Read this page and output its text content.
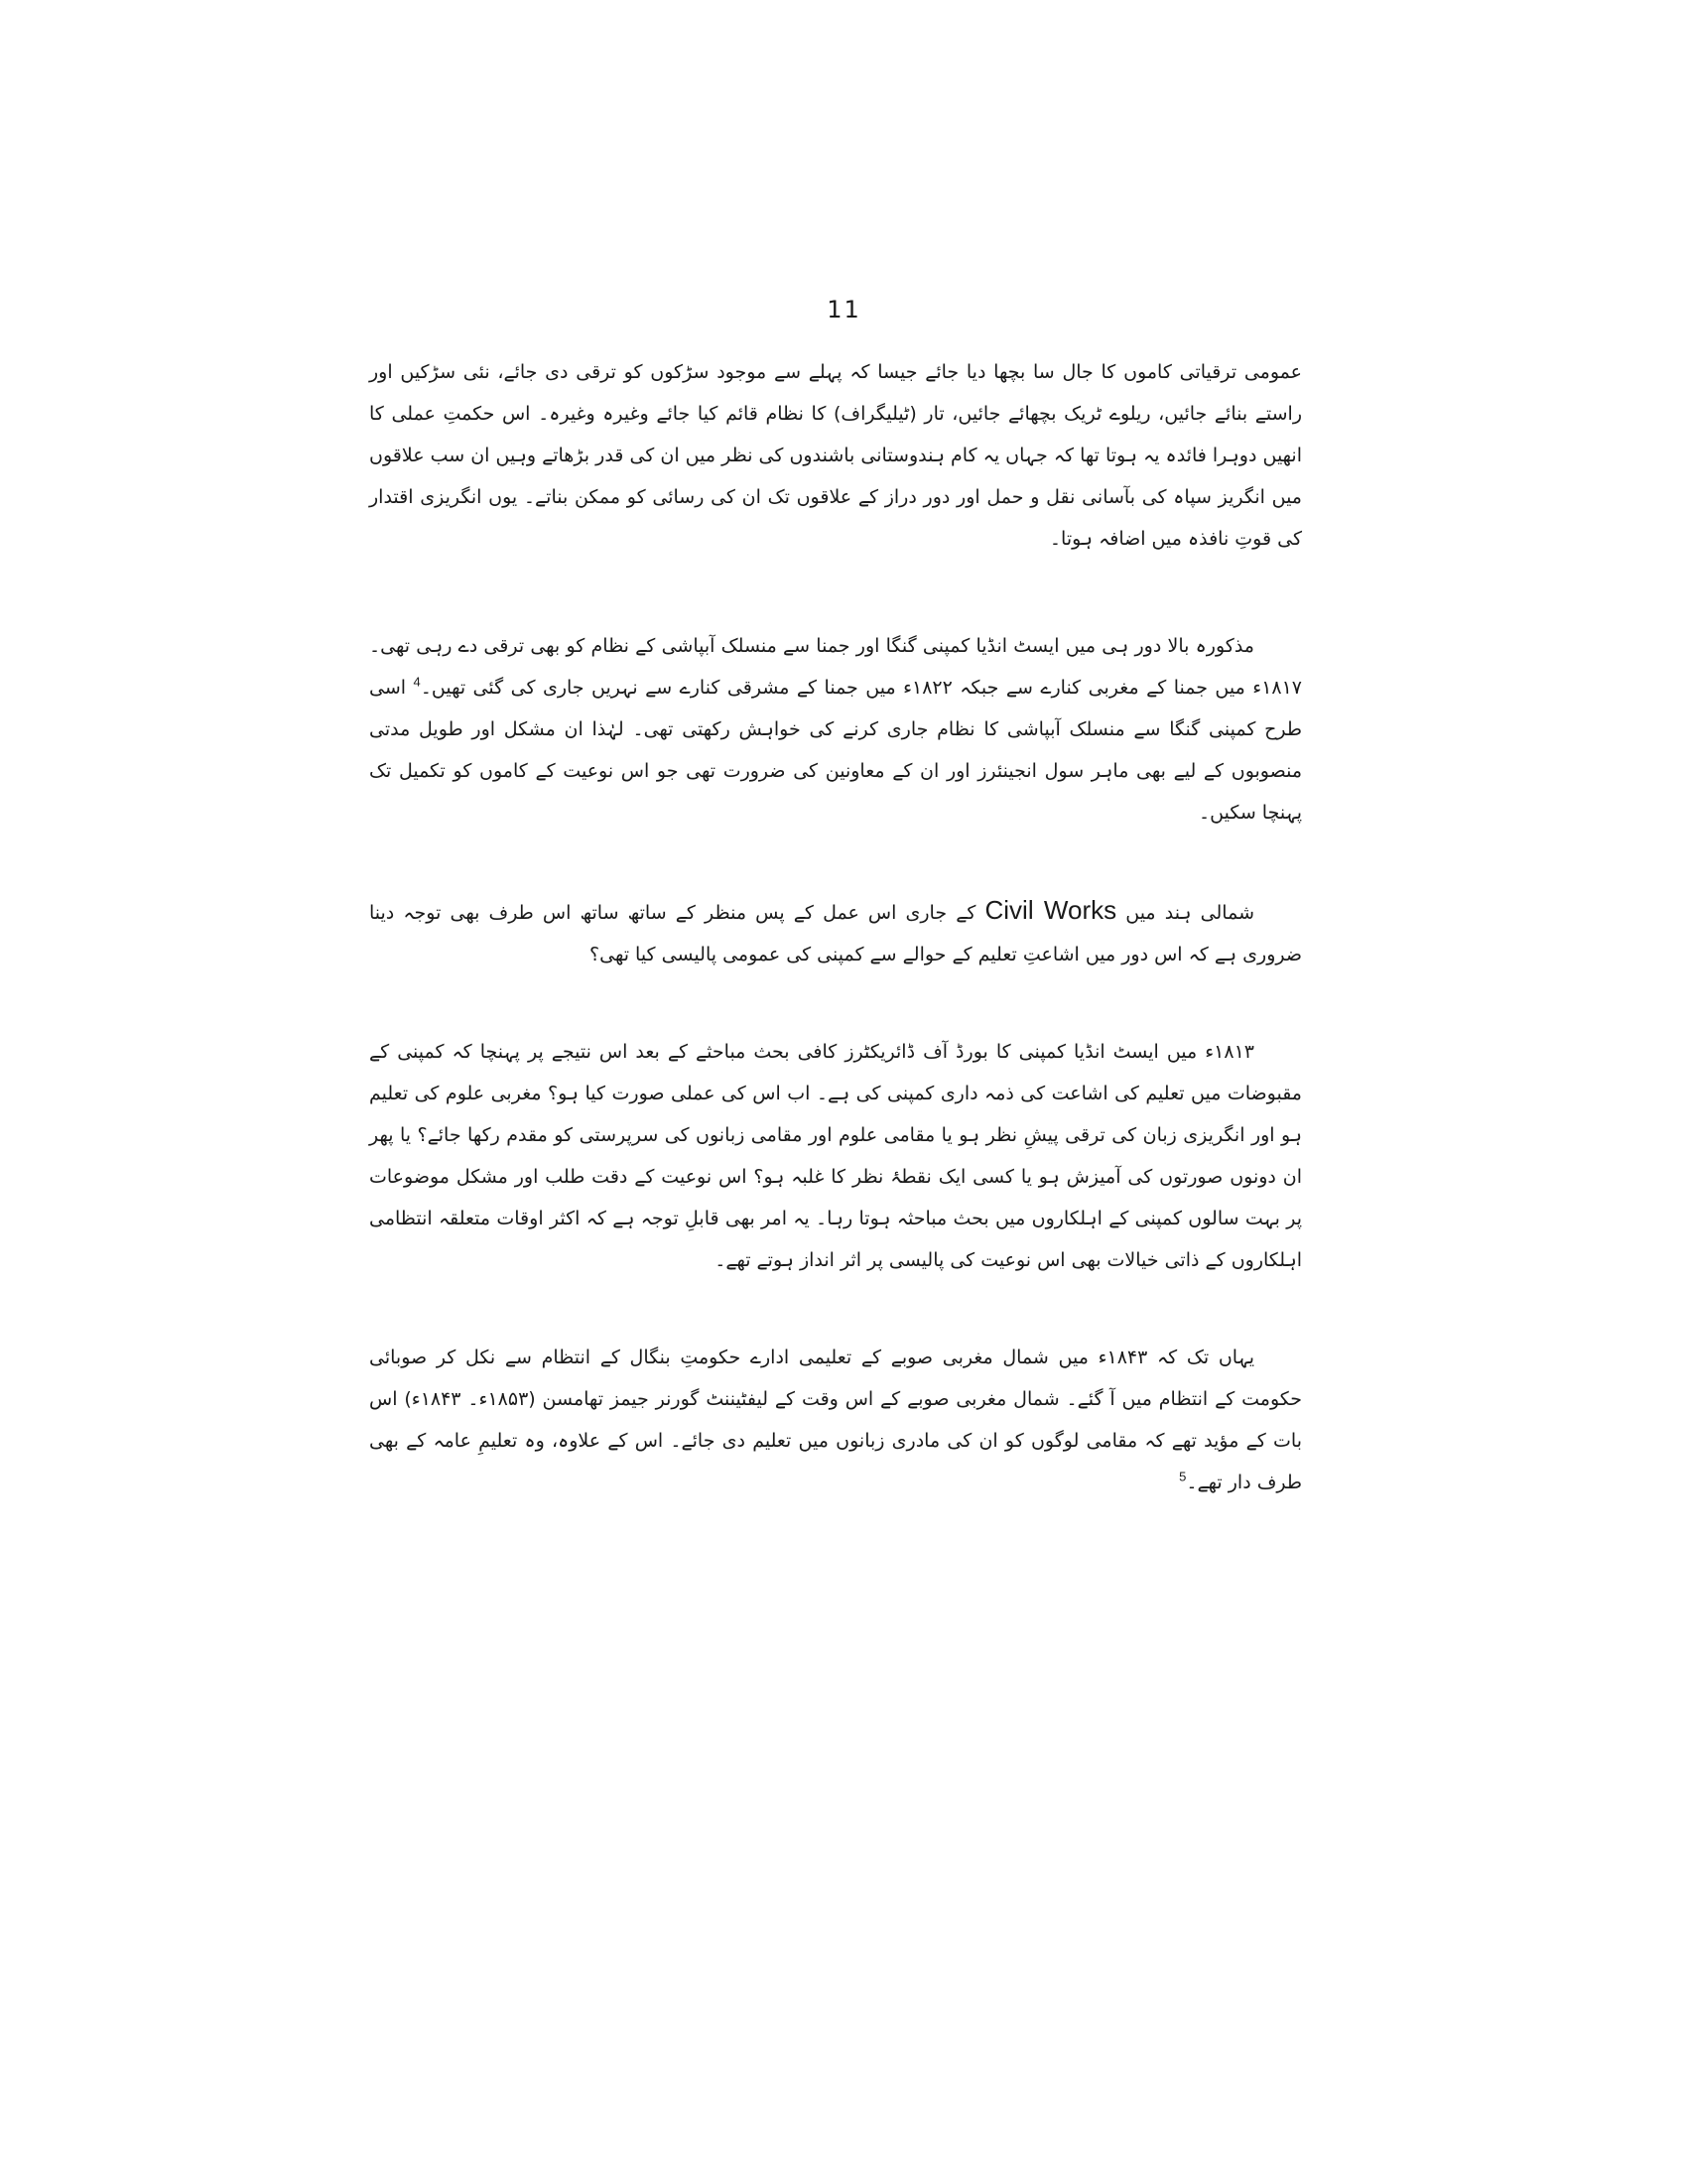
11

عمومی ترقیاتی کاموں کا جال سا بچھا دیا جائے جیسا کہ پہلے سے موجود سڑکوں کو ترقی دی جائے، نئی سڑکیں اور راستے بنائے جائیں، ریلوے ٹریک بچھائے جائیں، تار (ٹیلیگراف) کا نظام قائم کیا جائے وغیرہ وغیرہ۔ اس حکمتِ عملی کا انھیں دوہرا فائدہ یہ ہوتا تھا کہ جہاں یہ کام ہندوستانی باشندوں کی نظر میں ان کی قدر بڑھاتے وہیں ان سب علاقوں میں انگریز سپاہ کی بآسانی نقل و حمل اور دور دراز کے علاقوں تک ان کی رسائی کو ممکن بناتے۔ یوں انگریزی اقتدار کی قوتِ نافذہ میں اضافہ ہوتا۔

مذکورہ بالا دور ہی میں ایسٹ انڈیا کمپنی گنگا اور جمنا سے منسلک آبپاشی کے نظام کو بھی ترقی دے رہی تھی۔ ۱۸۱۷ء میں جمنا کے مغربی کنارے سے جبکہ ۱۸۲۲ء میں جمنا کے مشرقی کنارے سے نہریں جاری کی گئی تھیں۔$^4$ اسی طرح کمپنی گنگا سے منسلک آبپاشی کا نظام جاری کرنے کی خواہش رکھتی تھی۔ لہٰذا ان مشکل اور طویل مدتی منصوبوں کے لیے بھی ماہر سول انجینئرز اور ان کے معاونین کی ضرورت تھی جو اس نوعیت کے کاموں کو تکمیل تک پہنچا سکیں۔

شمالی ہند میں Civil Works کے جاری اس عمل کے پس منظر کے ساتھ ساتھ اس طرف بھی توجہ دینا ضروری ہے کہ اس دور میں اشاعتِ تعلیم کے حوالے سے کمپنی کی عمومی پالیسی کیا تھی؟

۱۸۱۳ء میں ایسٹ انڈیا کمپنی کا بورڈ آف ڈائریکٹرز کافی بحث مباحثے کے بعد اس نتیجے پر پہنچا کہ کمپنی کے مقبوضات میں تعلیم کی اشاعت کی ذمہ داری کمپنی کی ہے۔ اب اس کی عملی صورت کیا ہو؟ مغربی علوم کی تعلیم ہو اور انگریزی زبان کی ترقی پیشِ نظر ہو یا مقامی علوم اور مقامی زبانوں کی سرپرستی کو مقدم رکھا جائے؟ یا پھر ان دونوں صورتوں کی آمیزش ہو یا کسی ایک نقطۂ نظر کا غلبہ ہو؟ اس نوعیت کے دقت طلب اور مشکل موضوعات پر بہت سالوں کمپنی کے اہلکاروں میں بحث مباحثہ ہوتا رہا۔ یہ امر بھی قابلِ توجہ ہے کہ اکثر اوقات متعلقہ انتظامی اہلکاروں کے ذاتی خیالات بھی اس نوعیت کی پالیسی پر اثر انداز ہوتے تھے۔

یہاں تک کہ ۱۸۴۳ء میں شمال مغربی صوبے کے تعلیمی ادارے حکومتِ بنگال کے انتظام سے نکل کر صوبائی حکومت کے انتظام میں آ گئے۔ شمال مغربی صوبے کے اس وقت کے لیفٹیننٹ گورنر جیمز تھامسن (۱۸۵۳ء۔ ۱۸۴۳ء) اس بات کے مؤید تھے کہ مقامی لوگوں کو ان کی مادری زبانوں میں تعلیم دی جائے۔ اس کے علاوہ، وہ تعلیمِ عامہ کے بھی طرف دار تھے۔$^5$
